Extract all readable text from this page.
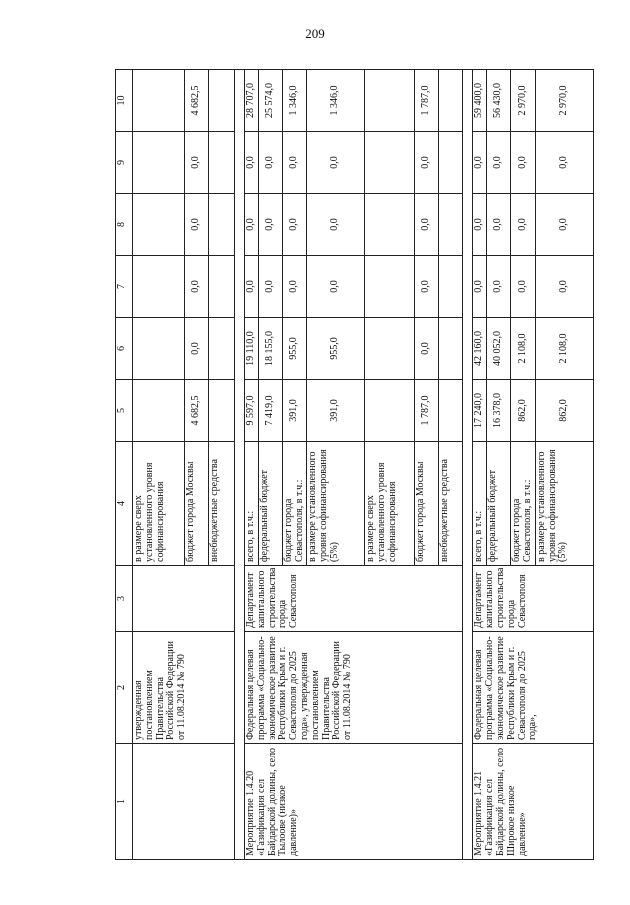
209
1	2	3	4	5	6	7	8	9	10
	утвержденная постановлением Правительства Российской Федерации от 11.08.2014 № 790		в размере сверх установленного уровня софинансирования						
			бюджет города Москвы	4 682,5	0,0	0,0	0,0	0,0	4 682,5
			внебюджетные средства						

Мероприятие 1.4.20 «Газификация сел Байдарской долины, село Тылоове (низкое давление)»	Федеральная целевая программа «Социально-экономическое развитие Республики Крым и г. Севастополя до 2025 года», утвержденная постановлением Правительства Российской Федерации от 11.08.2014 № 790	Департамент капитального строительства города Севастополя	всего, в т.ч.:	9 597,0	19 110,0	0,0	0,0	0,0	28 707,0
			федеральный бюджет	7 419,0	18 155,0	0,0	0,0	0,0	25 574,0
			бюджет города Севастополя, в т.ч.:	391,0	955,0	0,0	0,0	0,0	1 346,0
			в размере установленного уровня софинансирования (5%)	391,0	955,0	0,0	0,0	0,0	1 346,0
			в размере сверх установленного уровня софинансирования						
			бюджет города Москвы	1 787,0	0,0	0,0	0,0	0,0	1 787,0
			внебюджетные средства						

Мероприятие 1.4.21 «Газификация сел Байдарской долины, село Широкое низкое давление»	Федеральная целевая программа «Социально-экономическое развитие Республики Крым и г. Севастополя до 2025 года»,	Департамент капитального строительства города Севастополя	всего, в т.ч.:	17 240,0	42 160,0	0,0	0,0	0,0	59 400,0
			федеральный бюджет	16 378,0	40 052,0	0,0	0,0	0,0	56 430,0
			бюджет города Севастополя, в т.ч.:	862,0	2 108,0	0,0	0,0	0,0	2 970,0
			в размере установленного уровня софинансирования (5%)	862,0	2 108,0	0,0	0,0	0,0	2 970,0
